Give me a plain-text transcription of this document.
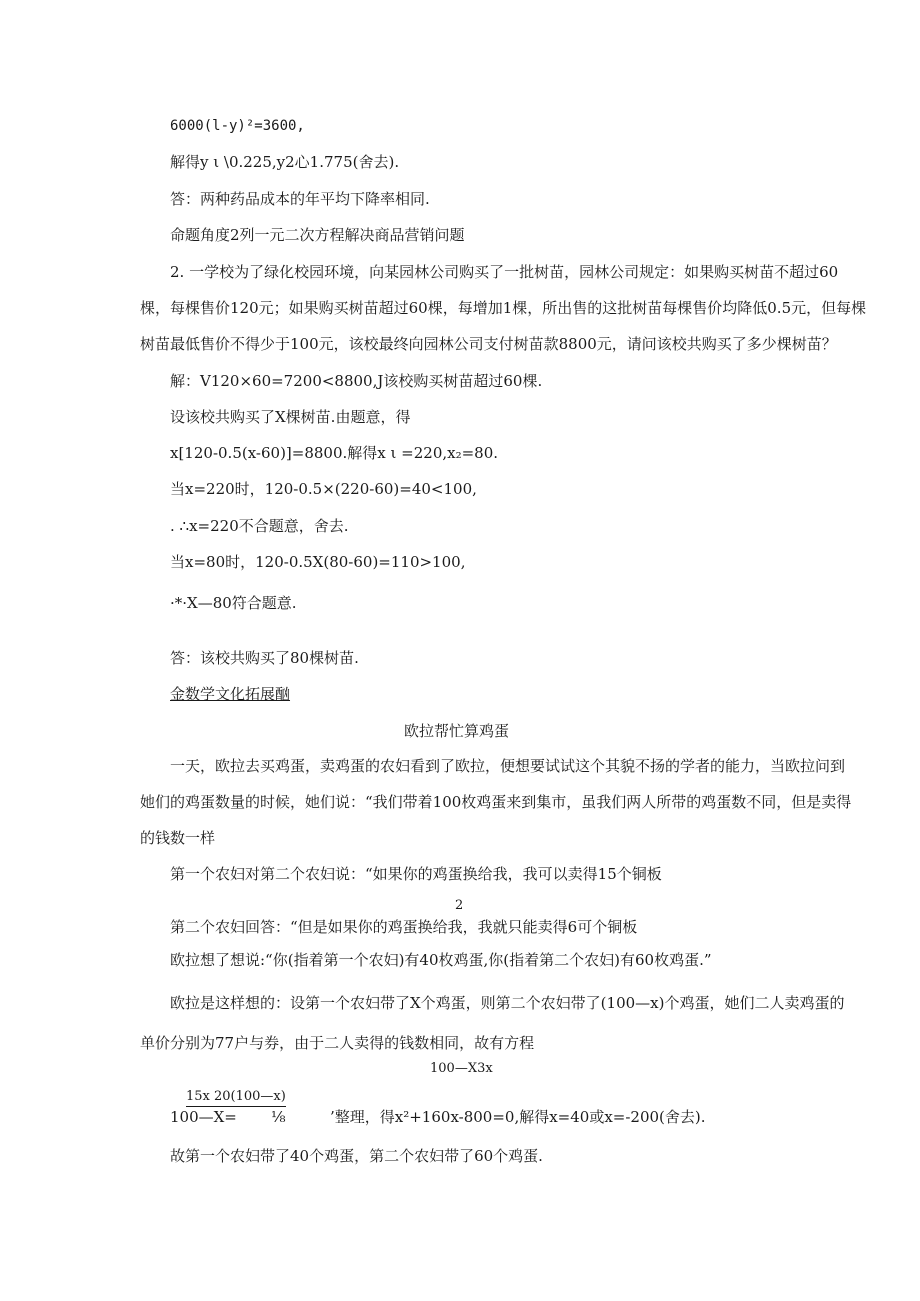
6000(l-y)²=3600,
解得y ι \0.225,y2心1.775(舍去).
答：两种药品成本的年平均下降率相同.
命题角度2列一元二次方程解决商品营销问题
2. 一学校为了绿化校园环境，向某园林公司购买了一批树苗，园林公司规定：如果购买树苗不超过60
棵，每棵售价120元；如果购买树苗超过60棵，每增加1棵，所出售的这批树苗每棵售价均降低0.5元，但每棵
树苗最低售价不得少于100元，该校最终向园林公司支付树苗款8800元，请问该校共购买了多少棵树苗？
解：V120×60=7200<8800,J该校购买树苗超过60棵.
设该校共购买了X棵树苗.由题意，得
x[120-0.5(x-60)]=8800.解得x ι =220,x₂=80.
当x=220时，120-0.5×(220-60)=40<100,
. ∴x=220不合题意，舍去.
当x=80时，120-0.5X(80-60)=110>100,
·*·X—80符合题意.
答：该校共购买了80棵树苗.
金数学文化拓展酗
欧拉帮忙算鸡蛋
一天，欧拉去买鸡蛋，卖鸡蛋的农妇看到了欧拉，便想要试试这个其貌不扬的学者的能力，当欧拉问到
她们的鸡蛋数量的时候，她们说：“我们带着100枚鸡蛋来到集市，虽我们两人所带的鸡蛋数不同，但是卖得
的钱数一样
第一个农妇对第二个农妇说：“如果你的鸡蛋换给我，我可以卖得15个铜板
2
第二个农妇回答：“但是如果你的鸡蛋换给我，我就只能卖得6可个铜板
欧拉想了想说:“你(指着第一个农妇)有40枚鸡蛋,你(指着第二个农妇)有60枚鸡蛋.”
欧拉是这样想的：设第一个农妇带了X个鸡蛋，则第二个农妇带了(100—x)个鸡蛋，她们二人卖鸡蛋的
单价分别为77户与券，由于二人卖得的钱数相同，故有方程
100—X3x
15x 20(100—x)
100—X= ⅛	’整理，得x²+160x-800=0,解得x=40或x=-200(舍去).
故第一个农妇带了40个鸡蛋，第二个农妇带了60个鸡蛋.
